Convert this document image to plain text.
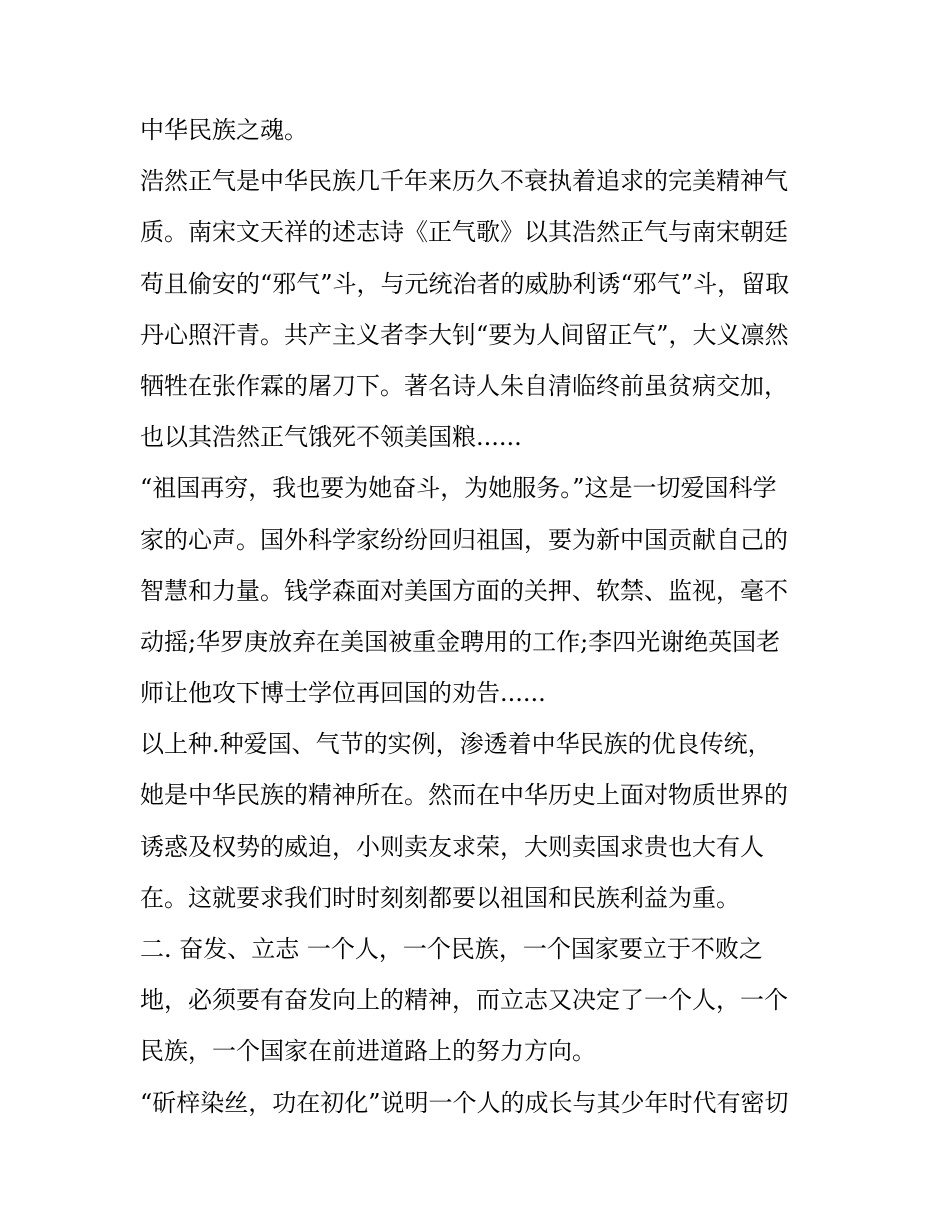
中华民族之魂。
浩然正气是中华民族几千年来历久不衰执着追求的完美精神气
质。南宋文天祥的述志诗《正气歌》以其浩然正气与南宋朝廷
苟且偷安的“邪气”斗，与元统治者的威胁利诱“邪气”斗，留取
丹心照汗青。共产主义者李大钊“要为人间留正气”，大义凛然
牺牲在张作霖的屠刀下。著名诗人朱自清临终前虽贫病交加，
也以其浩然正气饿死不领美国粮......
“祖国再穷，我也要为她奋斗，为她服务。”这是一切爱国科学
家的心声。国外科学家纷纷回归祖国，要为新中国贡献自己的
智慧和力量。钱学森面对美国方面的关押、软禁、监视，毫不
动摇;华罗庚放弃在美国被重金聘用的工作;李四光谢绝英国老
师让他攻下博士学位再回国的劝告......
以上种.种爱国、气节的实例，渗透着中华民族的优良传统，
她是中华民族的精神所在。然而在中华历史上面对物质世界的
诱惑及权势的威迫，小则卖友求荣，大则卖国求贵也大有人
在。这就要求我们时时刻刻都要以祖国和民族利益为重。
二. 奋发、立志 一个人，一个民族，一个国家要立于不败之
地，必须要有奋发向上的精神，而立志又决定了一个人，一个
民族，一个国家在前进道路上的努力方向。
“斫梓染丝，功在初化”说明一个人的成长与其少年时代有密切
